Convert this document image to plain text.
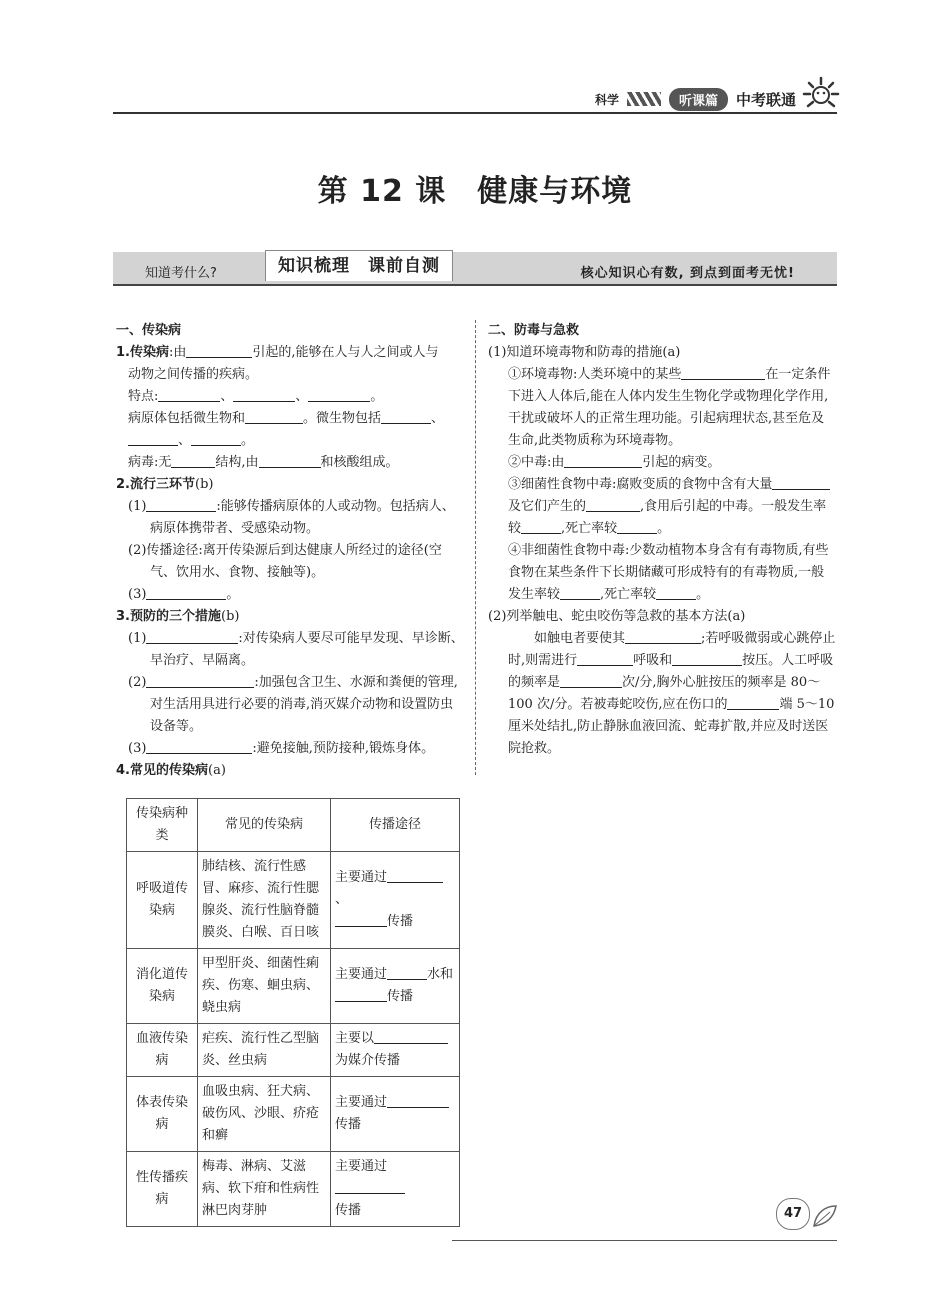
科学	听课篇	中考联通
第 12 课　健康与环境
知道考什么?	知识梳理　课前自测	核心知识心有数, 到点到面考无忧!

一、传染病

1.传染病:由	引起的,能够在人与人之间或人与

动物之间传播的疾病。

特点:	、	、	。

病原体包括微生物和	。微生物包括	、

、	。

病毒:无	结构,由	和核酸组成。

2.流行三环节(b)

(1)	:能够传播病原体的人或动物。包括病人、病原体携带者、受感染动物。

(2)传播途径:离开传染源后到达健康人所经过的途径(空气、饮用水、食物、接触等)。

(3)	。

3.预防的三个措施(b)

(1)	:对传染病人要尽可能早发现、早诊断、早治疗、早隔离。

(2)	:加强包含卫生、水源和粪便的管理,对生活用具进行必要的消毒,消灭媒介动物和设置防虫设备等。

(3)	:避免接触,预防接种,锻炼身体。

4.常见的传染病(a)

传染病种类	常见的传染病	传播途径
呼吸道传染病	肺结核、流行性感冒、麻疹、流行性腮腺炎、流行性脑脊髓膜炎、白喉、百日咳	主要通过、
传播
消化道传染病	甲型肝炎、细菌性痢疾、伤寒、蛔虫病、蛲虫病	主要通过 水和
传播
血液传染病	疟疾、流行性乙型脑炎、丝虫病	主要以
为媒介传播
体表传染病	血吸虫病、狂犬病、破伤风、沙眼、疥疮和癣	主要通过
传播
性传播疾病	梅毒、淋病、艾滋病、软下疳和性病性淋巴肉芽肿	主要通过
传播

二、防毒与急救

(1)知道环境毒物和防毒的措施(a)

①环境毒物:人类环境中的某些	在一定条件下进入人体后,能在人体内发生生物化学或物理化学作用,干扰或破坏人的正常生理功能。引起病理状态,甚至危及生命,此类物质称为环境毒物。

②中毒:由	引起的病变。

③细菌性食物中毒:腐败变质的食物中含有大量及它们产生的	,食用后引起的中毒。一般发生率较	,死亡率较	。

④非细菌性食物中毒:少数动植物本身含有有毒物质,有些食物在某些条件下长期储藏可形成特有的有毒物质,一般发生率较	,死亡率较	。

(2)列举触电、蛇虫咬伤等急救的基本方法(a)

如触电者要使其	;若呼吸微弱或心跳停止时,则需进行	呼吸和	按压。人工呼吸的频率是	次/分,胸外心脏按压的频率是 80～100 次/分。若被毒蛇咬伤,应在伤口的	端 5～10 厘米处结扎,防止静脉血液回流、蛇毒扩散,并应及时送医院抢救。

47
